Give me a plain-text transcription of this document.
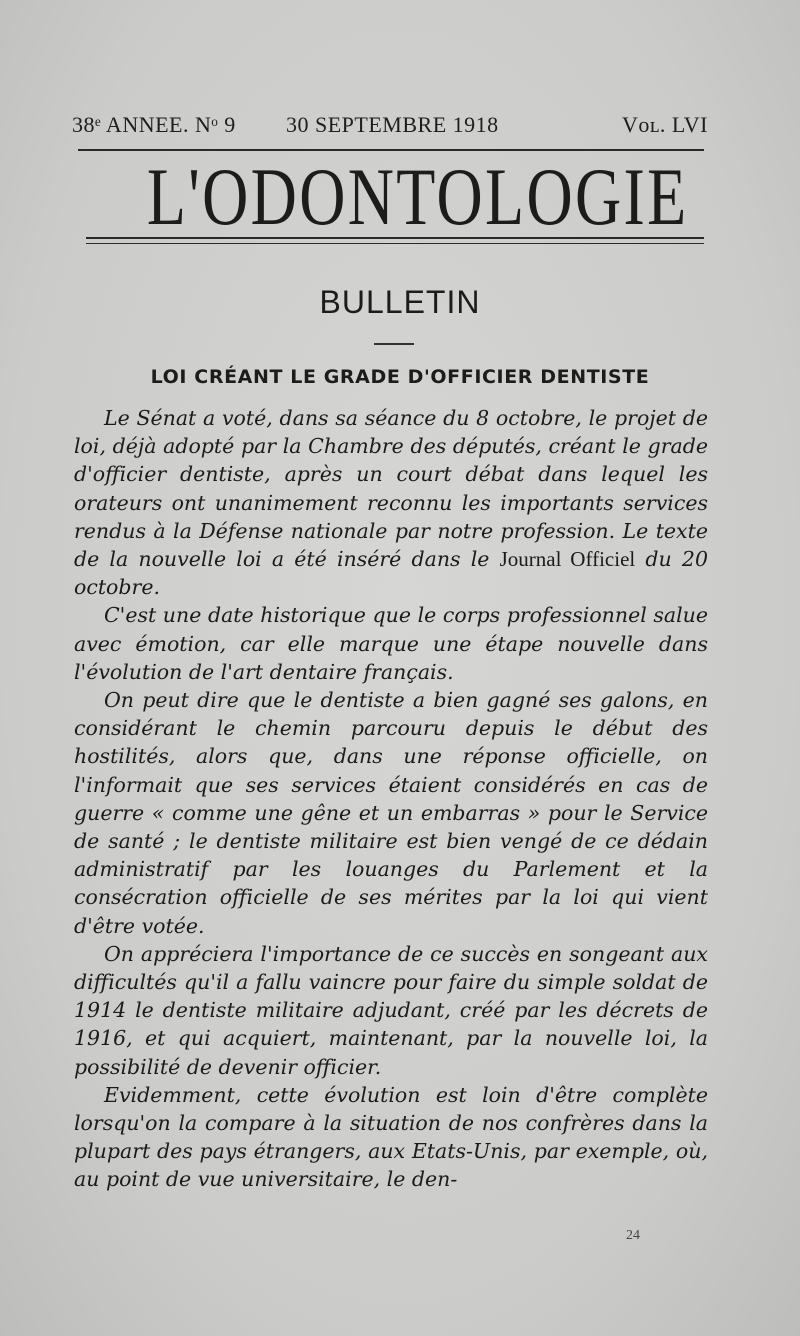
38ᵉ ANNEE. Nᵒ 9 30 SEPTEMBRE 1918	Vᴏʟ. LVI
L'ODONTOLOGIE
BULLETIN
LOI CRÉANT LE GRADE D'OFFICIER DENTISTE

Le Sénat a voté, dans sa séance du 8 octobre, le projet de loi, déjà adopté par la Chambre des députés, créant le grade d'officier dentiste, après un court débat dans lequel les orateurs ont unanimement reconnu les importants services rendus à la Défense nationale par notre profession. Le texte de la nouvelle loi a été inséré dans le Journal Officiel du 20 octobre.

C'est une date historique que le corps professionnel salue avec émotion, car elle marque une étape nouvelle dans l'évolution de l'art dentaire français.

On peut dire que le dentiste a bien gagné ses galons, en considérant le chemin parcouru depuis le début des hostilités, alors que, dans une réponse officielle, on l'informait que ses services étaient considérés en cas de guerre « comme une gêne et un embarras » pour le Service de santé ; le dentiste militaire est bien vengé de ce dédain administratif par les louanges du Parlement et la consécration officielle de ses mérites par la loi qui vient d'être votée.

On appréciera l'importance de ce succès en songeant aux difficultés qu'il a fallu vaincre pour faire du simple soldat de 1914 le dentiste militaire adjudant, créé par les décrets de 1916, et qui acquiert, maintenant, par la nouvelle loi, la possibilité de devenir officier.

Evidemment, cette évolution est loin d'être complète lorsqu'on la compare à la situation de nos confrères dans la plupart des pays étrangers, aux Etats-Unis, par exemple, où, au point de vue universitaire, le den-

24
